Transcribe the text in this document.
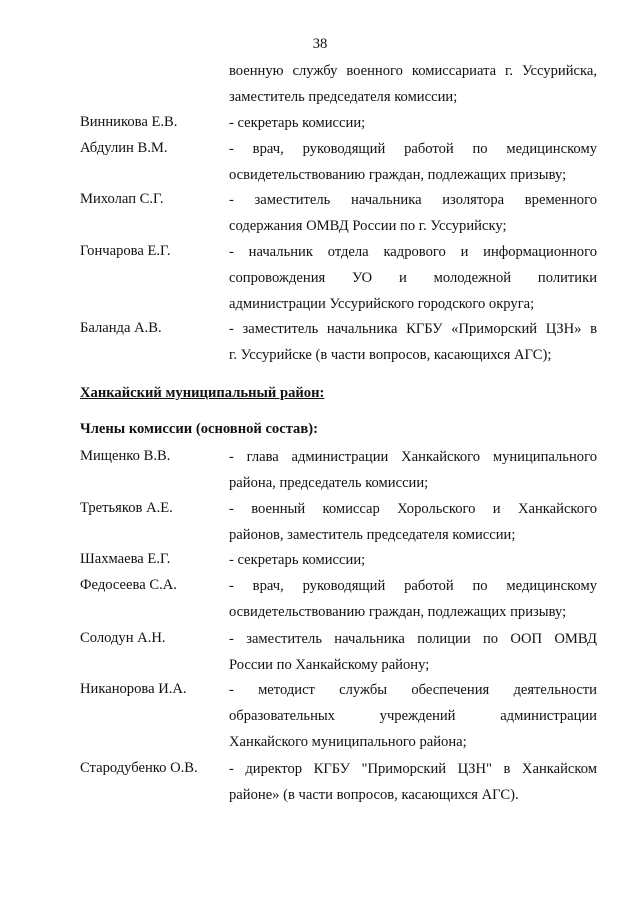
38
военную службу военного комиссариата г. Уссурийска,
заместитель председателя комиссии;
Винникова Е.В.	- секретарь комиссии;
Абдулин В.М.	- врач, руководящий работой по медицинскому
освидетельствованию граждан, подлежащих призыву;
Михолап С.Г.	- заместитель начальника изолятора временного
содержания ОМВД России по г. Уссурийску;
Гончарова Е.Г.	- начальник отдела кадрового и информационного
сопровождения УО и молодежной политики
администрации Уссурийского городского округа;
Баланда А.В.	- заместитель начальника КГБУ «Приморский ЦЗН» в
г. Уссурийске (в части вопросов, касающихся АГС);
Ханкайский муниципальный район:
Члены комиссии (основной состав):
Мищенко В.В.	- глава администрации Ханкайского муниципального
района, председатель комиссии;
Третьяков А.Е.	- военный комиссар Хорольского и Ханкайского
районов, заместитель председателя комиссии;
Шахмаева Е.Г.	- секретарь комиссии;
Федосеева С.А.	- врач, руководящий работой по медицинскому
освидетельствованию граждан, подлежащих призыву;
Солодун А.Н.	- заместитель начальника полиции по ООП ОМВД
России по Ханкайскому району;
Никанорова И.А.	- методист службы обеспечения деятельности
образовательных учреждений администрации
Ханкайского муниципального района;
Стародубенко О.В. - директор КГБУ "Приморский ЦЗН" в Ханкайском
районе» (в части вопросов, касающихся АГС).
